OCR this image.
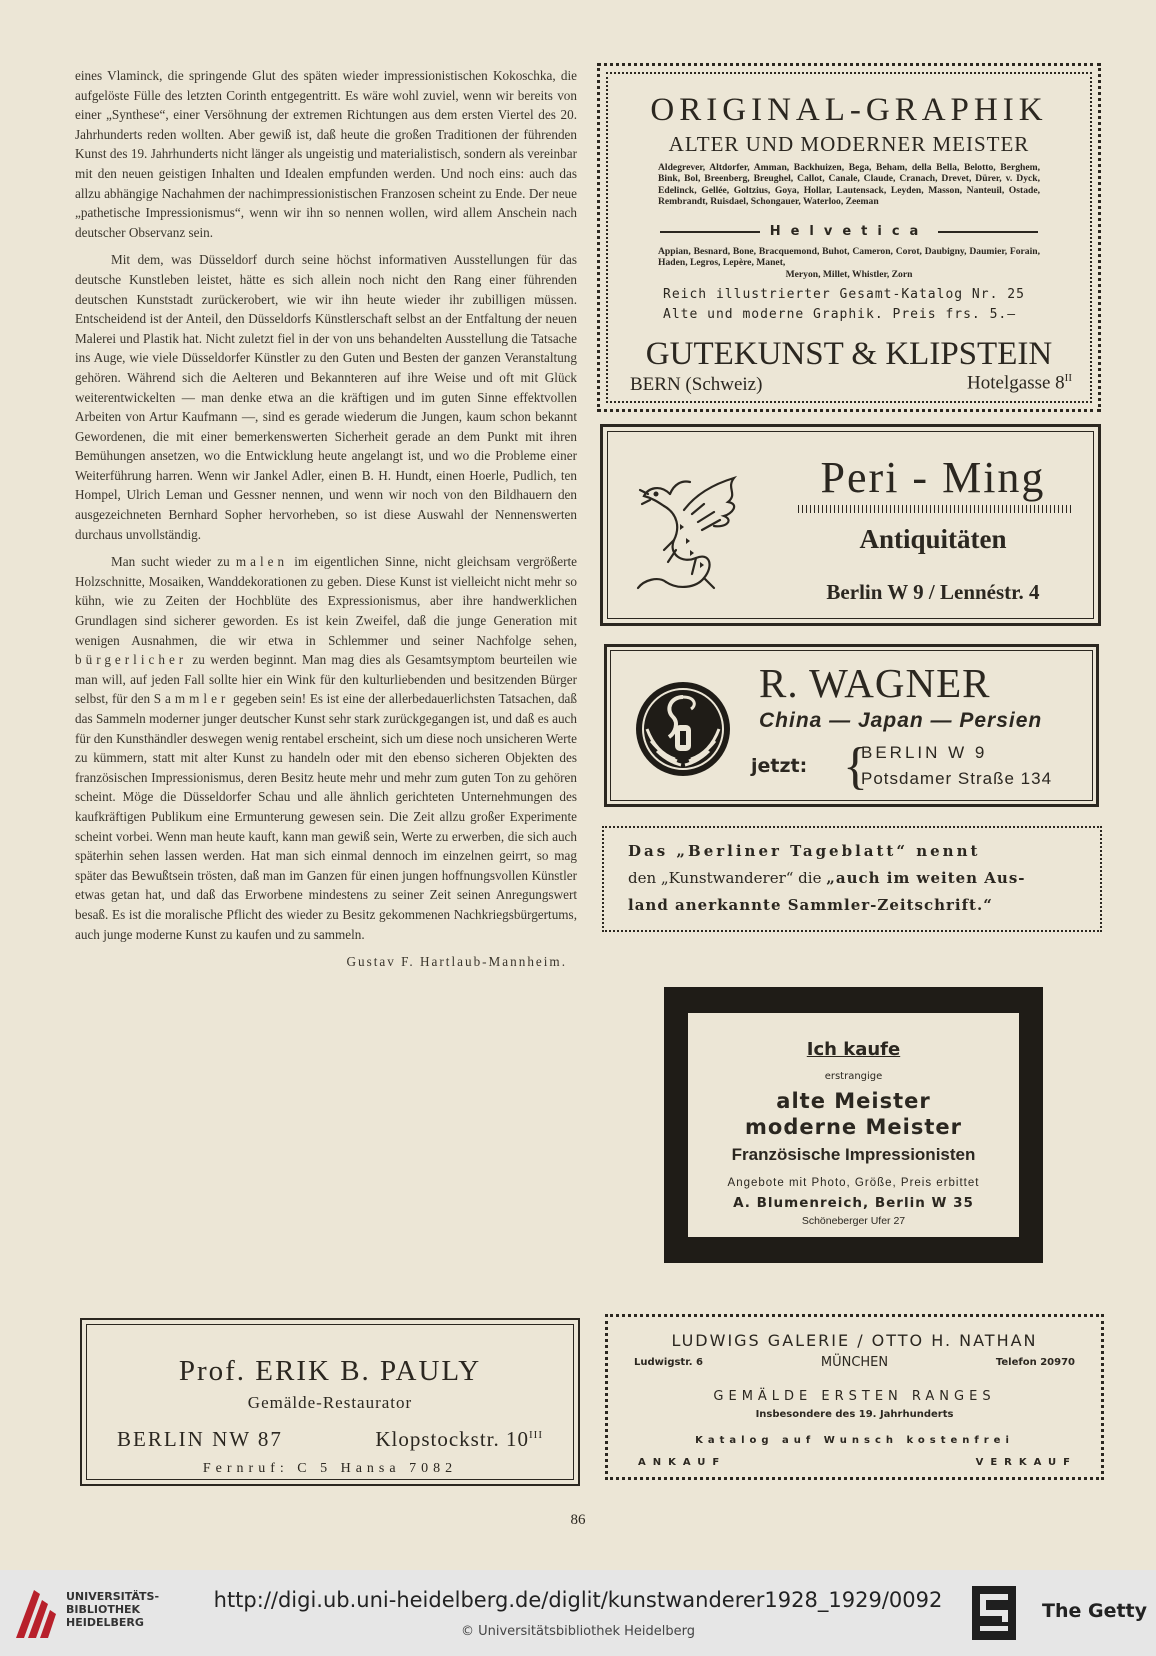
eines Vlaminck, die springende Glut des späten wieder impressionistischen Kokoschka, die aufgelöste Fülle des letzten Corinth entgegentritt. Es wäre wohl zuviel, wenn wir bereits von einer „Synthese“, einer Versöhnung der extremen Richtungen aus dem ersten Viertel des 20. Jahrhunderts reden wollten. Aber gewiß ist, daß heute die großen Traditionen der führenden Kunst des 19. Jahrhunderts nicht länger als ungeistig und materialistisch, sondern als vereinbar mit den neuen geistigen Inhalten und Idealen empfunden werden. Und noch eins: auch das allzu abhängige Nachahmen der nachimpressionistischen Franzosen scheint zu Ende. Der neue „pathetische Impressionismus“, wenn wir ihn so nennen wollen, wird allem Anschein nach deutscher Observanz sein.

Mit dem, was Düsseldorf durch seine höchst informativen Ausstellungen für das deutsche Kunstleben leistet, hätte es sich allein noch nicht den Rang einer führenden deutschen Kunststadt zurückerobert, wie wir ihn heute wieder ihr zubilligen müssen. Entscheidend ist der Anteil, den Düsseldorfs Künstlerschaft selbst an der Entfaltung der neuen Malerei und Plastik hat. Nicht zuletzt fiel in der von uns behandelten Ausstellung die Tatsache ins Auge, wie viele Düsseldorfer Künstler zu den Guten und Besten der ganzen Veranstaltung gehören. Während sich die Aelteren und Bekannteren auf ihre Weise und oft mit Glück weiterentwickelten — man denke etwa an die kräftigen und im guten Sinne effektvollen Arbeiten von Artur Kaufmann —, sind es gerade wiederum die Jungen, kaum schon bekannt Gewordenen, die mit einer bemerkenswerten Sicherheit gerade an dem Punkt mit ihren Bemühungen ansetzen, wo die Entwicklung heute angelangt ist, und wo die Probleme einer Weiterführung harren. Wenn wir Jankel Adler, einen B. H. Hundt, einen Hoerle, Pudlich, ten Hompel, Ulrich Leman und Gessner nennen, und wenn wir noch von den Bildhauern den ausgezeichneten Bernhard Sopher hervorheben, so ist diese Auswahl der Nennenswerten durchaus unvollständig.

Man sucht wieder zu malen im eigentlichen Sinne, nicht gleichsam vergrößerte Holzschnitte, Mosaiken, Wanddekorationen zu geben. Diese Kunst ist vielleicht nicht mehr so kühn, wie zu Zeiten der Hochblüte des Expressionismus, aber ihre handwerklichen Grundlagen sind sicherer geworden. Es ist kein Zweifel, daß die junge Generation mit wenigen Ausnahmen, die wir etwa in Schlemmer und seiner Nachfolge sehen, bürgerlicher zu werden beginnt. Man mag dies als Gesamtsymptom beurteilen wie man will, auf jeden Fall sollte hier ein Wink für den kulturliebenden und besitzenden Bürger selbst, für den Sammler gegeben sein! Es ist eine der allerbedauerlichsten Tatsachen, daß das Sammeln moderner junger deutscher Kunst sehr stark zurückgegangen ist, und daß es auch für den Kunsthändler deswegen wenig rentabel erscheint, sich um diese noch unsicheren Werte zu kümmern, statt mit alter Kunst zu handeln oder mit den ebenso sicheren Objekten des französischen Impressionismus, deren Besitz heute mehr und mehr zum guten Ton zu gehören scheint. Möge die Düsseldorfer Schau und alle ähnlich gerichteten Unternehmungen des kaufkräftigen Publikum eine Ermunterung gewesen sein. Die Zeit allzu großer Experimente scheint vorbei. Wenn man heute kauft, kann man gewiß sein, Werte zu erwerben, die sich auch späterhin sehen lassen werden. Hat man sich einmal dennoch im einzelnen geirrt, so mag später das Bewußtsein trösten, daß man im Ganzen für einen jungen hoffnungsvollen Künstler etwas getan hat, und daß das Erworbene mindestens zu seiner Zeit seinen Anregungswert besaß. Es ist die moralische Pflicht des wieder zu Besitz gekommenen Nachkriegsbürgertums, auch junge moderne Kunst zu kaufen und zu sammeln.

Gustav F. Hartlaub-Mannheim.
ORIGINAL-GRAPHIK
ALTER UND MODERNER MEISTER
Aldegrever, Altdorfer, Amman, Backhuizen, Bega, Beham, della Bella, Belotto, Berghem, Bink, Bol, Breenberg, Breughel, Callot, Canale, Claude, Cranach, Drevet, Dürer, v. Dyck, Edelinck, Gellée, Goltzius, Goya, Hollar, Lautensack, Leyden, Masson, Nanteuil, Ostade, Rembrandt, Ruisdael, Schongauer, Waterloo, Zeeman
Helvetica
Appian, Besnard, Bone, Bracquemond, Buhot, Cameron, Corot, Daubigny, Daumier, Forain, Haden, Legros, Lepère, Manet,
Meryon, Millet, Whistler, Zorn
Reich illustrierter Gesamt-Katalog Nr. 25
Alte und moderne Graphik. Preis frs. 5.—
GUTEKUNST & KLIPSTEIN
BERN (Schweiz)	Hotelgasse $8^{II}$
Peri - Ming
Antiquitäten
Berlin W 9 / Lennéstr. 4
R. WAGNER
China — Japan — Persien
jetzt: {
BERLIN W 9
Potsdamer Straße 134
Das „Berliner Tageblatt“ nennt
den „Kunstwanderer“ die „auch im weiten Aus-
land anerkannte Sammler-Zeitschrift.“
Ich kaufe
erstrangige
alte Meister
moderne Meister
Französische Impressionisten
Angebote mit Photo, Größe, Preis erbittet
A. Blumenreich, Berlin W 35
Schöneberger Ufer 27
Prof. ERIK B. PAULY
Gemälde-Restaurator
BERLIN NW 87	Klopstockstr. $10^{III}$
Fernruf: C 5 Hansa 7082
LUDWIGS GALERIE / OTTO H. NATHAN
Ludwigstr. 6	MÜNCHEN	Telefon 20970
GEMÄLDE ERSTEN RANGES
Insbesondere des 19. Jahrhunderts
Katalog auf Wunsch kostenfrei
ANKAUF	VERKAUF
86
UNIVERSITÄTS-
BIBLIOTHEK
HEIDELBERG
http://digi.ub.uni-heidelberg.de/diglit/kunstwanderer1928_1929/0092
© Universitätsbibliothek Heidelberg
The Getty
